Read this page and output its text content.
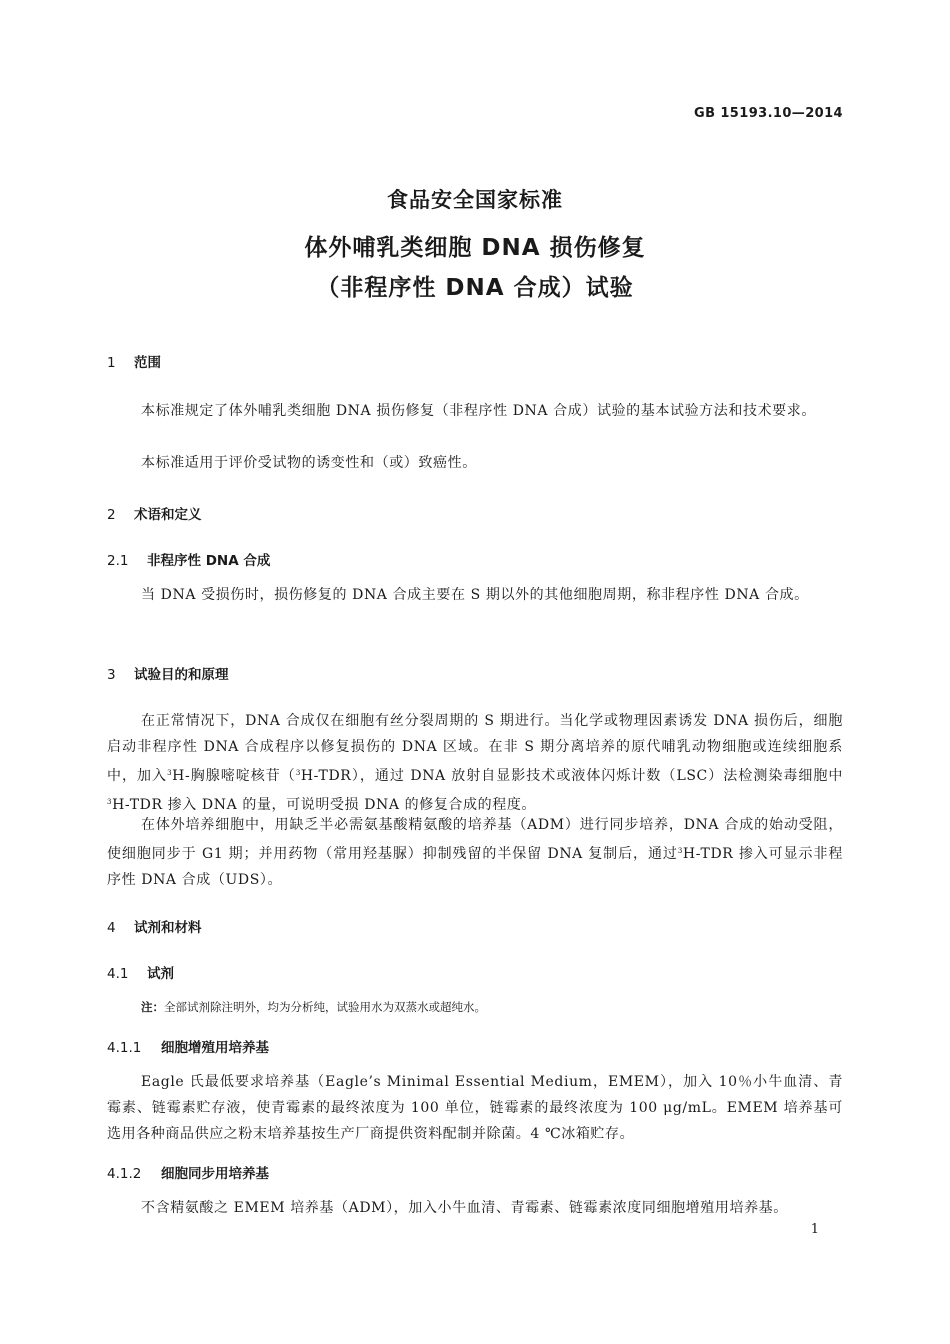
GB 15193.10—2014
食品安全国家标准
体外哺乳类细胞 DNA 损伤修复
（非程序性 DNA 合成）试验
1 范围

本标准规定了体外哺乳类细胞 DNA 损伤修复（非程序性 DNA 合成）试验的基本试验方法和技术要求。

本标准适用于评价受试物的诱变性和（或）致癌性。

2 术语和定义
2.1 非程序性 DNA 合成

当 DNA 受损伤时，损伤修复的 DNA 合成主要在 S 期以外的其他细胞周期，称非程序性 DNA 合成。

3 试验目的和原理

在正常情况下，DNA 合成仅在细胞有丝分裂周期的 S 期进行。当化学或物理因素诱发 DNA 损伤后，细胞启动非程序性 DNA 合成程序以修复损伤的 DNA 区域。在非 S 期分离培养的原代哺乳动物细胞或连续细胞系中，加入$^3$H-胸腺嘧啶核苷（$^3$H-TDR），通过 DNA 放射自显影技术或液体闪烁计数（LSC）法检测染毒细胞中$^3$H-TDR 掺入 DNA 的量，可说明受损 DNA 的修复合成的程度。

在体外培养细胞中，用缺乏半必需氨基酸精氨酸的培养基（ADM）进行同步培养，DNA 合成的始动受阻，使细胞同步于 G1 期；并用药物（常用羟基脲）抑制残留的半保留 DNA 复制后，通过$^3$H-TDR 掺入可显示非程序性 DNA 合成（UDS）。

4 试剂和材料
4.1 试剂
注：全部试剂除注明外，均为分析纯，试验用水为双蒸水或超纯水。
4.1.1 细胞增殖用培养基

Eagle 氏最低要求培养基（Eagle’s Minimal Essential Medium，EMEM），加入 10％小牛血清、青霉素、链霉素贮存液，使青霉素的最终浓度为 100 单位，链霉素的最终浓度为 100 μg/mL。EMEM 培养基可选用各种商品供应之粉末培养基按生产厂商提供资料配制并除菌。4 ℃冰箱贮存。

4.1.2 细胞同步用培养基

不含精氨酸之 EMEM 培养基（ADM），加入小牛血清、青霉素、链霉素浓度同细胞增殖用培养基。

1
